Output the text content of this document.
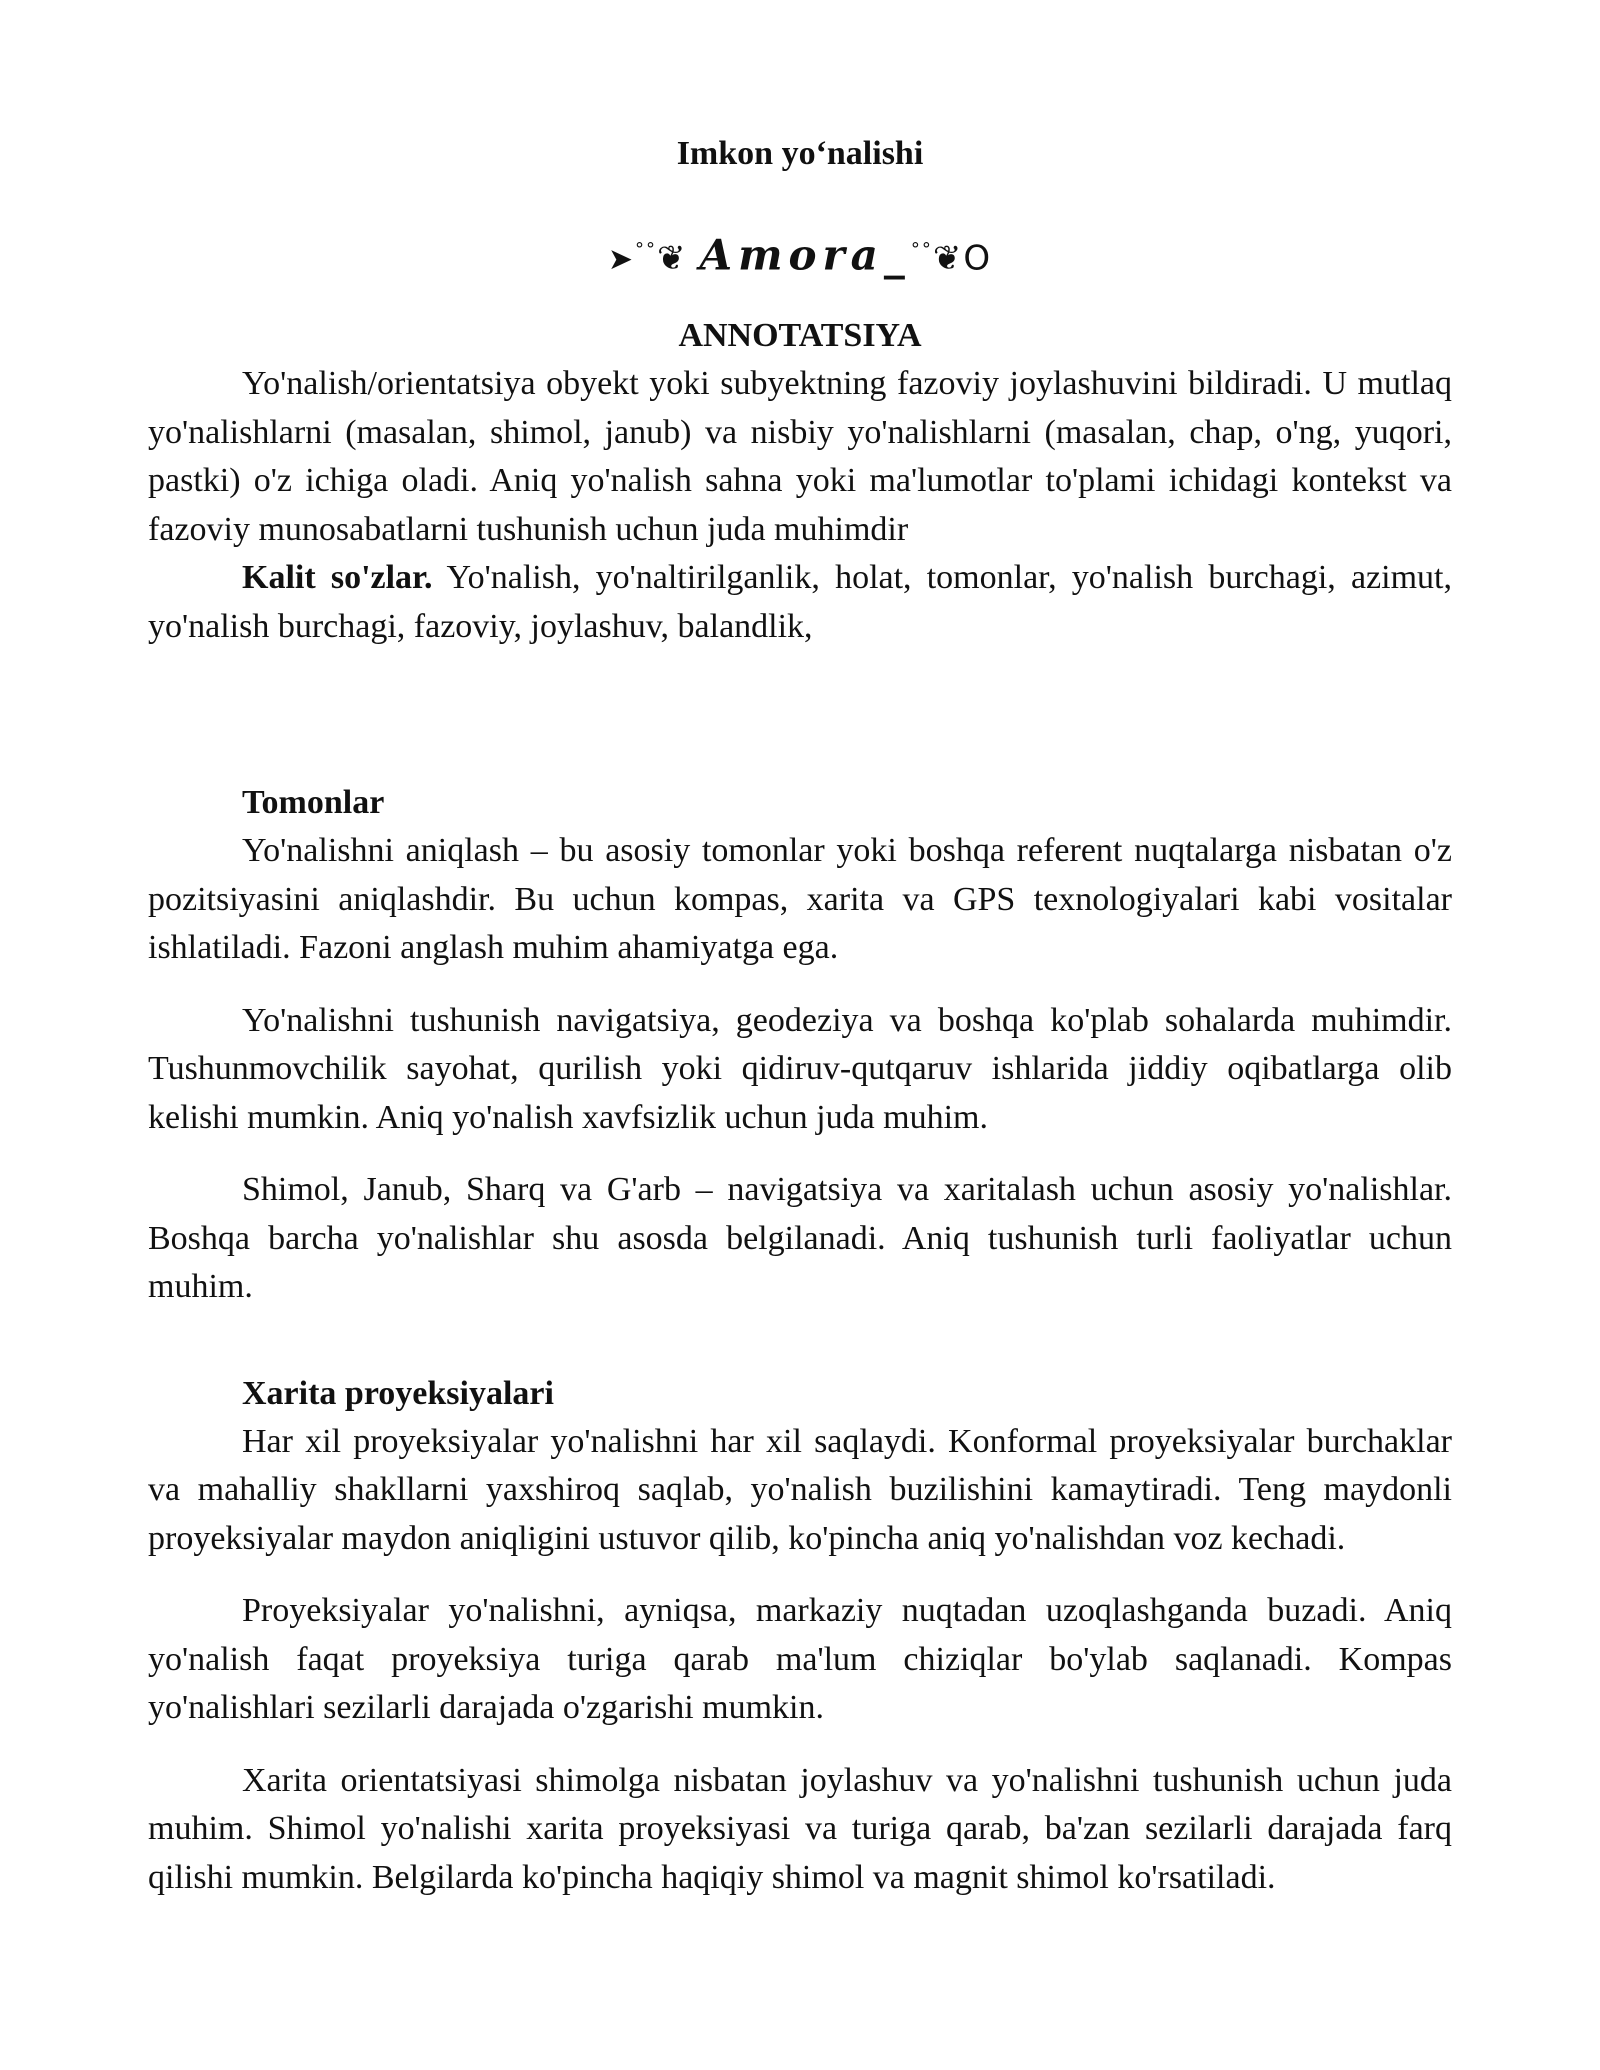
Imkon yo‘nalishi
➤°°❦ Amora_°°❦O
ANNOTATSIYA

Yo'nalish/orientatsiya obyekt yoki subyektning fazoviy joylashuvini bildiradi. U mutlaq yo'nalishlarni (masalan, shimol, janub) va nisbiy yo'nalishlarni (masalan, chap, o'ng, yuqori, pastki) o'z ichiga oladi. Aniq yo'nalish sahna yoki ma'lumotlar to'plami ichidagi kontekst va fazoviy munosabatlarni tushunish uchun juda muhimdir

Kalit so'zlar. Yo'nalish, yo'naltirilganlik, holat, tomonlar, yo'nalish burchagi, azimut, yo'nalish burchagi, fazoviy, joylashuv, balandlik,

Tomonlar

Yo'nalishni aniqlash – bu asosiy tomonlar yoki boshqa referent nuqtalarga nisbatan o'z pozitsiyasini aniqlashdir. Bu uchun kompas, xarita va GPS texnologiyalari kabi vositalar ishlatiladi. Fazoni anglash muhim ahamiyatga ega.

Yo'nalishni tushunish navigatsiya, geodeziya va boshqa ko'plab sohalarda muhimdir. Tushunmovchilik sayohat, qurilish yoki qidiruv-qutqaruv ishlarida jiddiy oqibatlarga olib kelishi mumkin. Aniq yo'nalish xavfsizlik uchun juda muhim.

Shimol, Janub, Sharq va G'arb – navigatsiya va xaritalash uchun asosiy yo'nalishlar. Boshqa barcha yo'nalishlar shu asosda belgilanadi. Aniq tushunish turli faoliyatlar uchun muhim.

Xarita proyeksiyalari

Har xil proyeksiyalar yo'nalishni har xil saqlaydi. Konformal proyeksiyalar burchaklar va mahalliy shakllarni yaxshiroq saqlab, yo'nalish buzilishini kamaytiradi. Teng maydonli proyeksiyalar maydon aniqligini ustuvor qilib, ko'pincha aniq yo'nalishdan voz kechadi.

Proyeksiyalar yo'nalishni, ayniqsa, markaziy nuqtadan uzoqlashganda buzadi. Aniq yo'nalish faqat proyeksiya turiga qarab ma'lum chiziqlar bo'ylab saqlanadi. Kompas yo'nalishlari sezilarli darajada o'zgarishi mumkin.

Xarita orientatsiyasi shimolga nisbatan joylashuv va yo'nalishni tushunish uchun juda muhim. Shimol yo'nalishi xarita proyeksiyasi va turiga qarab, ba'zan sezilarli darajada farq qilishi mumkin. Belgilarda ko'pincha haqiqiy shimol va magnit shimol ko'rsatiladi.
